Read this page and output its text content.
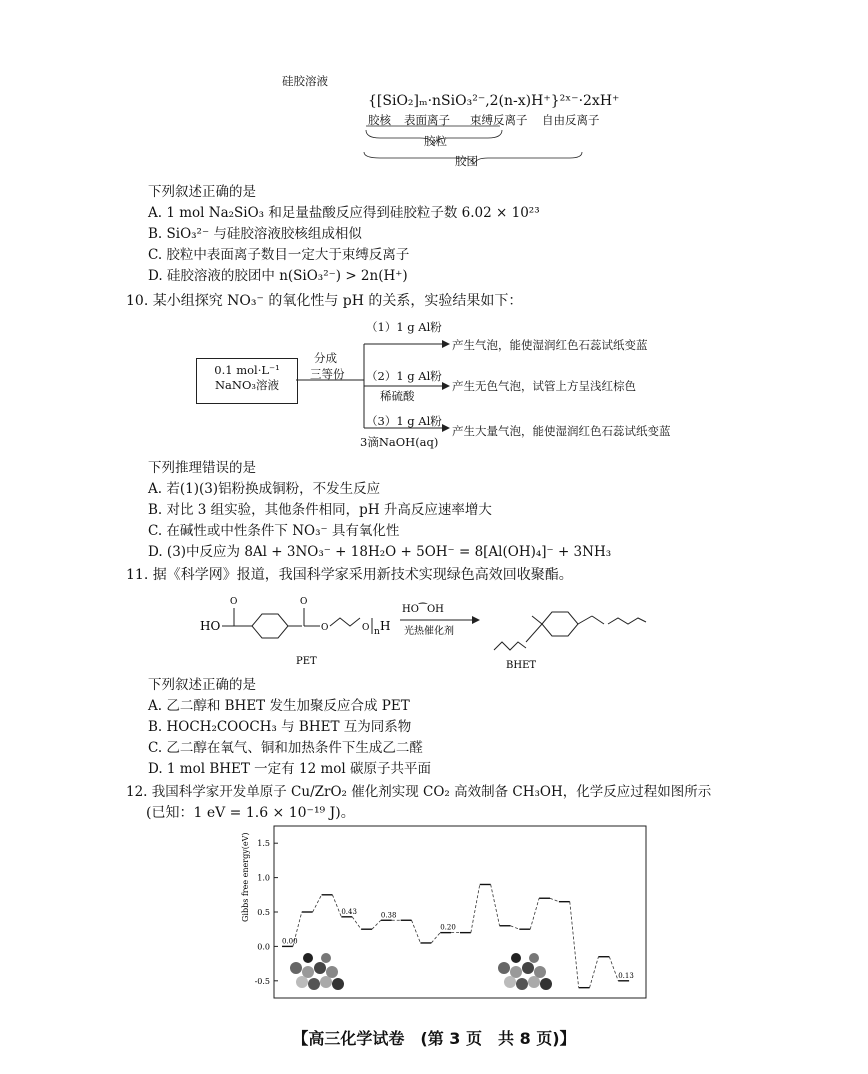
硅胶溶液
{[SiO₂]ₘ·nSiO₃²⁻,2(n-x)H⁺}²ˣ⁻·2xH⁺
胶核 表面离子 束缚反离子 自由反离子
胶粒
胶团
下列叙述正确的是
A. 1 mol Na₂SiO₃ 和足量盐酸反应得到硅胶粒子数 6.02 × 10²³
B. SiO₃²⁻ 与硅胶溶液胶核组成相似
C. 胶粒中表面离子数目一定大于束缚反离子
D. 硅胶溶液的胶团中 n(SiO₃²⁻) > 2n(H⁺)
10. 某小组探究 NO₃⁻ 的氧化性与 pH 的关系，实验结果如下：
0.1 mol·L⁻¹
NaNO₃溶液
分成
三等份
（1）1 g Al粉
产生气泡，能使湿润红色石蕊试纸变蓝
（2）1 g Al粉
稀硫酸
产生无色气泡，试管上方呈浅红棕色
（3）1 g Al粉
3滴NaOH(aq)
产生大量气泡，能使湿润红色石蕊试纸变蓝
下列推理错误的是
A. 若(1)(3)铝粉换成铜粉，不发生反应
B. 对比 3 组实验，其他条件相同，pH 升高反应速率增大
C. 在碱性或中性条件下 NO₃⁻ 具有氧化性
D. (3)中反应为 8Al + 3NO₃⁻ + 18H₂O + 5OH⁻ = 8[Al(OH)₄]⁻ + 3NH₃
11. 据《科学网》报道，我国科学家采用新技术实现绿色高效回收聚酯。
HO
O	O
O	O n H
PET
HO⁀OH
光热催化剂
BHET
下列叙述正确的是
A. 乙二醇和 BHET 发生加聚反应合成 PET
B. HOCH₂COOCH₃ 与 BHET 互为同系物
C. 乙二醇在氧气、铜和加热条件下生成乙二醛
D. 1 mol BHET 一定有 12 mol 碳原子共平面
12. 我国科学家开发单原子 Cu/ZrO₂ 催化剂实现 CO₂ 高效制备 CH₃OH，化学反应过程如图所示
(已知：1 eV = 1.6 × 10⁻¹⁹ J)。
Gibbs free energy(eV)
-0.5
0.0
0.5
1.0
1.5
0.00
0.43	0.38
0.20
0.13
【高三化学试卷　(第 3 页　共 8 页)】
